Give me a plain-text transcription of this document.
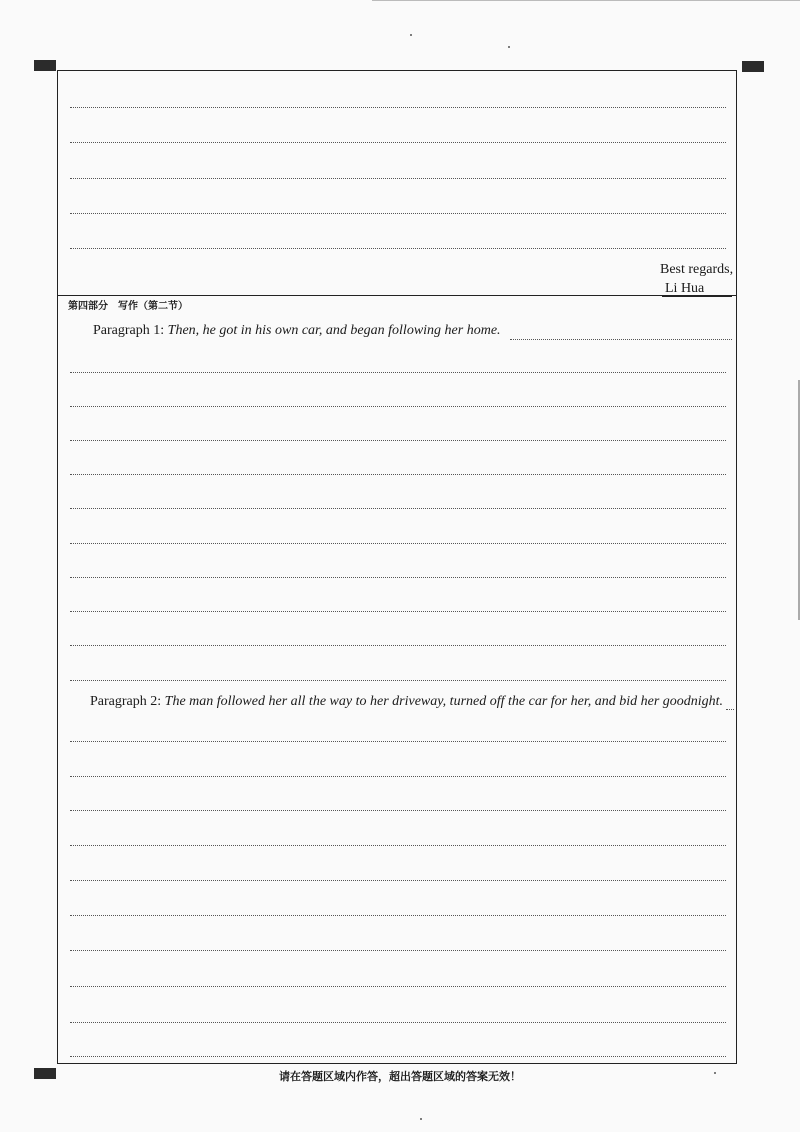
Best regards,
Li Hua
第四部分　写作（第二节）
Paragraph 1: Then, he got in his own car, and began following her home.
Paragraph 2: The man followed her all the way to her driveway, turned off the car for her, and bid her goodnight.
请在答题区域内作答，超出答题区域的答案无效！
